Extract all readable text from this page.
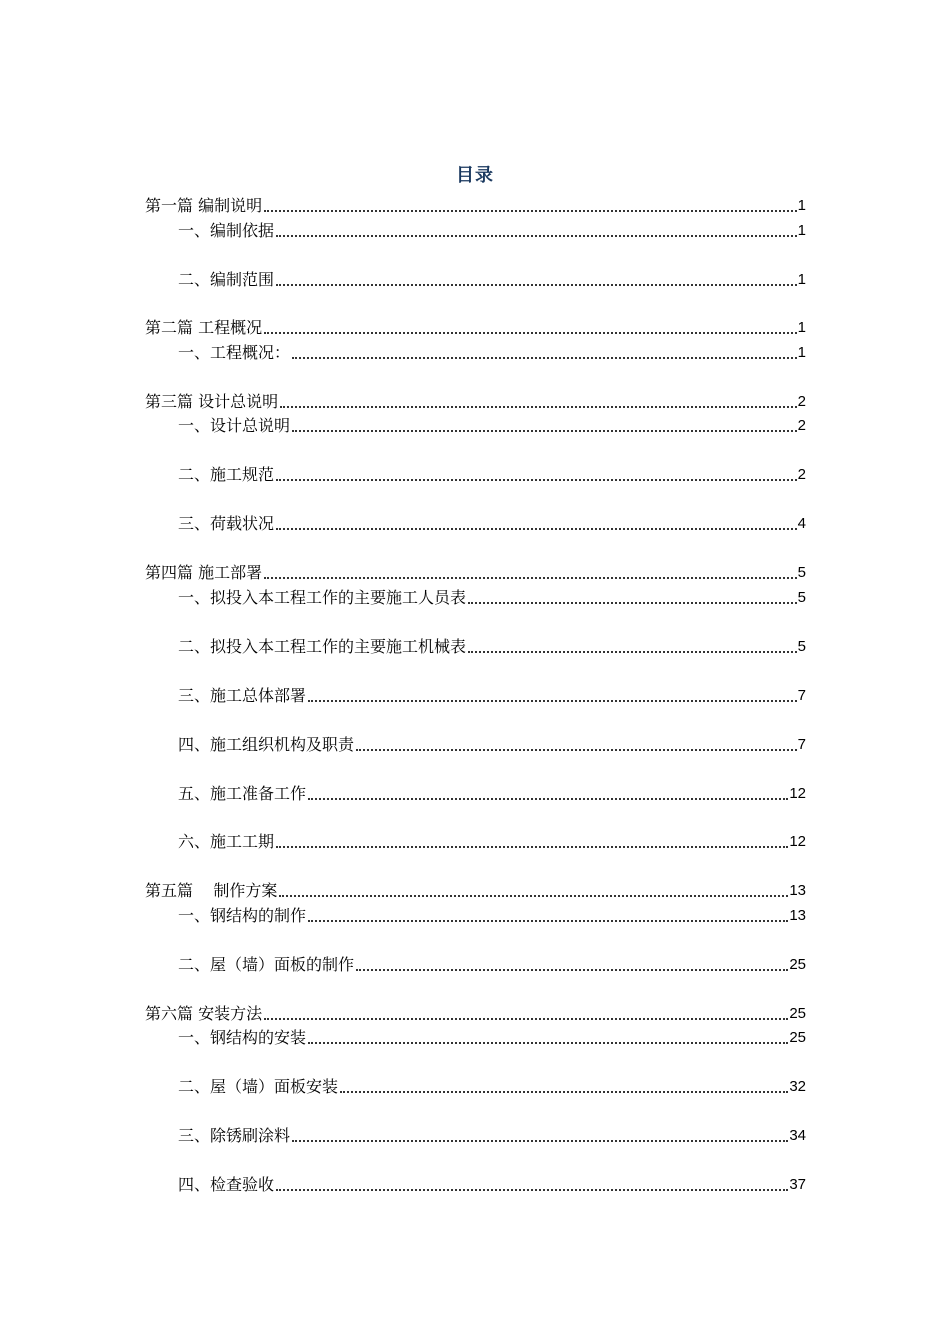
目录
第一篇 编制说明	1
一、编制依据	1
二、编制范围	1
第二篇 工程概况	1
一、工程概况：	1
第三篇 设计总说明	2
一、设计总说明	2
二、施工规范	2
三、荷载状况	4
第四篇 施工部署	5
一、拟投入本工程工作的主要施工人员表	5
二、拟投入本工程工作的主要施工机械表	5
三、施工总体部署	7
四、施工组织机构及职责	7
五、施工准备工作	12
六、施工工期	12
第五篇    制作方案	13
一、钢结构的制作	13
二、屋（墙）面板的制作	25
第六篇 安装方法	25
一、钢结构的安装	25
二、屋（墙）面板安装	32
三、除锈刷涂料	34
四、检查验收	37
